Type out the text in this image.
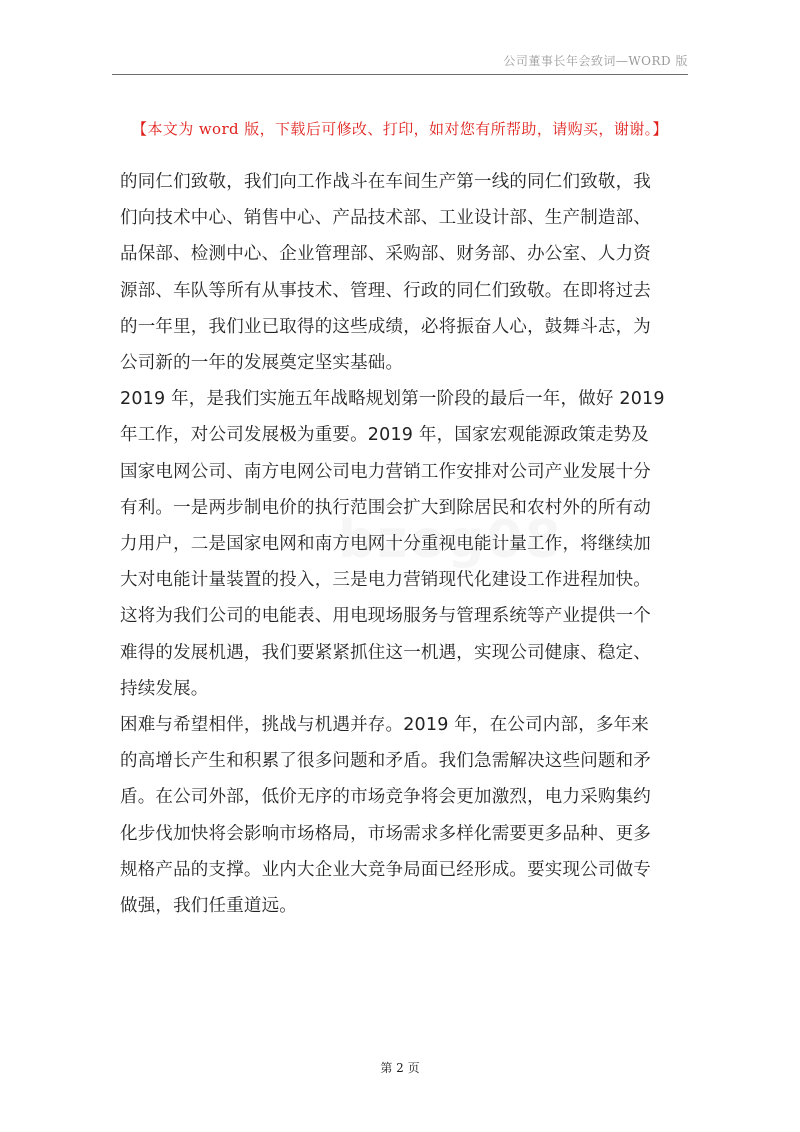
公司董事长年会致词—WORD 版
【本文为 word 版，下载后可修改、打印，如对您有所帮助，请购买，谢谢。】

的同仁们致敬，我们向工作战斗在车间生产第一线的同仁们致敬，我
们向技术中心、销售中心、产品技术部、工业设计部、生产制造部、
品保部、检测中心、企业管理部、采购部、财务部、办公室、人力资
源部、车队等所有从事技术、管理、行政的同仁们致敬。在即将过去
的一年里，我们业已取得的这些成绩，必将振奋人心，鼓舞斗志，为
公司新的一年的发展奠定坚实基础。

2019 年，是我们实施五年战略规划第一阶段的最后一年，做好 2019
年工作，对公司发展极为重要。2019 年，国家宏观能源政策走势及
国家电网公司、南方电网公司电力营销工作安排对公司产业发展十分
有利。一是两步制电价的执行范围会扩大到除居民和农村外的所有动
力用户，二是国家电网和南方电网十分重视电能计量工作，将继续加
大对电能计量装置的投入，三是电力营销现代化建设工作进程加快。
这将为我们公司的电能表、用电现场服务与管理系统等产业提供一个
难得的发展机遇，我们要紧紧抓住这一机遇，实现公司健康、稳定、
持续发展。

困难与希望相伴，挑战与机遇并存。2019 年，在公司内部，多年来
的高增长产生和积累了很多问题和矛盾。我们急需解决这些问题和矛
盾。在公司外部，低价无序的市场竞争将会更加激烈，电力采购集约
化步伐加快将会影响市场格局，市场需求多样化需要更多品种、更多
规格产品的支撑。业内大企业大竞争局面已经形成。要实现公司做专
做强，我们任重道远。

第 2 页
